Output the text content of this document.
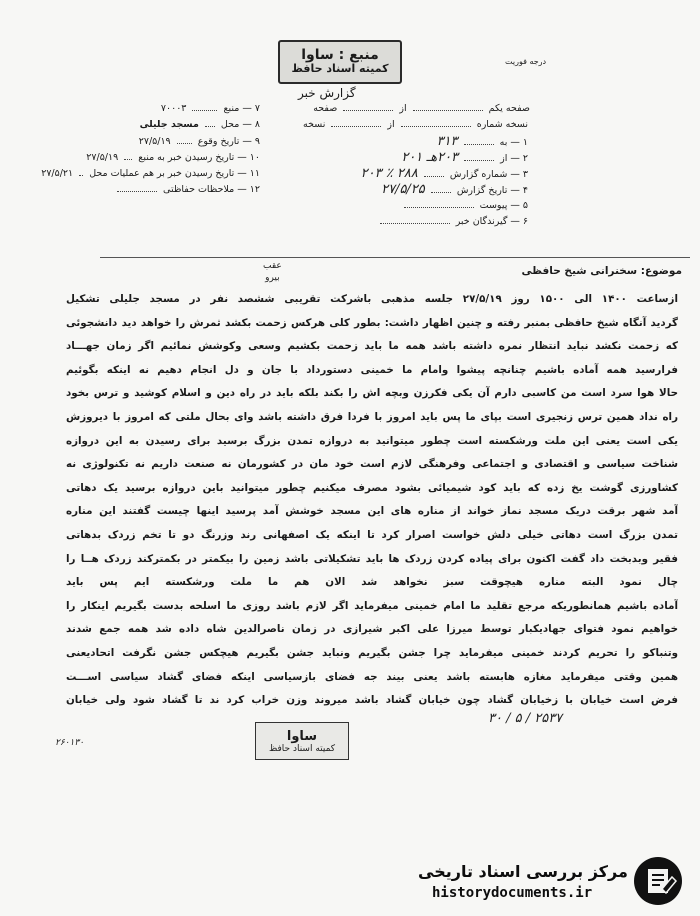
منبع : ساوا
کمیته اسناد حافظ
گزارش خبر
درجه فوریت
صفحه یکم  از  صفحه
نسخه شماره  از  نسخه
۱ — به  ۳۱۳
۲ — از  ۲۰۳هـ ۲۰۱
۳ — شماره گزارش  ۲۸۸ ٪ ۲۰۳
۴ — تاریخ گزارش  ۲۷/۵/۲۵
۵ — پیوست
۶ — گیرندگان خبر
۷ — منبع  ۷۰۰۰۳
۸ — محل  مسجد جلیلی
۹ — تاریخ وقوع  ۲۷/۵/۱۹
۱۰ — تاریخ رسیدن خبر به منبع  ۲۷/۵/۱۹
۱۱ — تاریخ رسیدن خبر بر هم عملیات محل  ۲۷/۵/۲۱
۱۲ — ملاحظات حفاظتی
موضوع: سخنرانی شیخ حافظی
عقب
بیرو
ازساعت ۱۴۰۰ الی ۱۵۰۰ روز ۲۷/۵/۱۹ جلسه مذهبی باشرکت تقریبی ششصد نفر در مسجد جلیلی تشکیل
گردید آنگاه شیخ حافظی بمنبر رفته و چنین اظهار داشت: بطور کلی هرکس زحمت بکشد ثمرش را خواهد دید دانشجوئی
که زحمت نکشد نباید انتظار نمره داشته باشد همه ما باید زحمت بکشیم وسعی وکوشش نمائیم اگر زمان جهـــاد
فرارسید همه آماده باشیم چنانچه پیشوا وامام ما خمینی دستورداد با جان و دل انجام دهیم نه اینکه بگوئیم
حالا هوا سرد است من کاسبی دارم آن یکی فکرزن وبچه اش را بکند بلکه باید در راه دین و اسلام کوشید و ترس بخود
راه نداد همین ترس زنجیری است بپای ما پس باید امروز با فردا فرق داشته باشد وای بحال ملتی که امروز با دیروزش
یکی است یعنی این ملت ورشکسته است چطور میتوانید به دروازه تمدن بزرگ برسید برای رسیدن به این دروازه
شناخت سیاسی و اقتصادی و اجتماعی وفرهنگی لازم است خود مان در کشورمان نه صنعت داریم نه تکنولوژی نه
کشاورزی گوشت یخ زده که باید کود شیمیائی بشود مصرف میکنیم چطور میتوانید باین دروازه برسید یک دهاتی
آمد شهر برقت دریک مسجد نماز خواند از مناره های این مسجد خوشش آمد پرسید اینها چیست گفتند این مناره
تمدن بزرگ است دهاتی خیلی دلش خواست اصرار کرد تا اینکه یک اصفهانی رند وزرنگ دو تا تخم زردک بدهاتی
فقیر وبدبخت داد گفت اکنون برای پیاده کردن زردک ها باید تشکیلاتی باشد زمین را بیکمتر در بکمترکند زردک هــا را
چال نمود البته مناره هیچوقت سبز نخواهد شد الان هم ما ملت ورشکسته ایم پس باید
آماده باشیم همانطوریکه مرجع تقلید ما امام خمینی میفرماید اگر لازم باشد روزی ما اسلحه بدست بگیریم اینکار را
خواهیم نمود فتوای جهادیکبار توسط میرزا علی اکبر شیرازی در زمان ناصرالدین شاه داده شد همه جمع شدند
وتنباکو را تحریم کردند خمینی میفرماید چرا جشن بگیریم ونباید جشن بگیریم هیچکس جشن نگرفت اتحادیعنی
همین وقتی میفرماید مغازه هابسته باشد یعنی بیند جه فضای بازسیاسی اینکه فضای گشاد سیاسی اســـت
فرض است خیابان با زخیابان گشاد چون خیابان گشاد باشد میروند وزن خراب کرد ند تا گشاد شود ولی خیابان
۳۰ / ۵ / ۲۵۳۷
ساوا
کمیته اسناد حافظ
۲۶۰۱۳۰
مرکز بررسی اسناد تاریخی
historydocuments.ir
